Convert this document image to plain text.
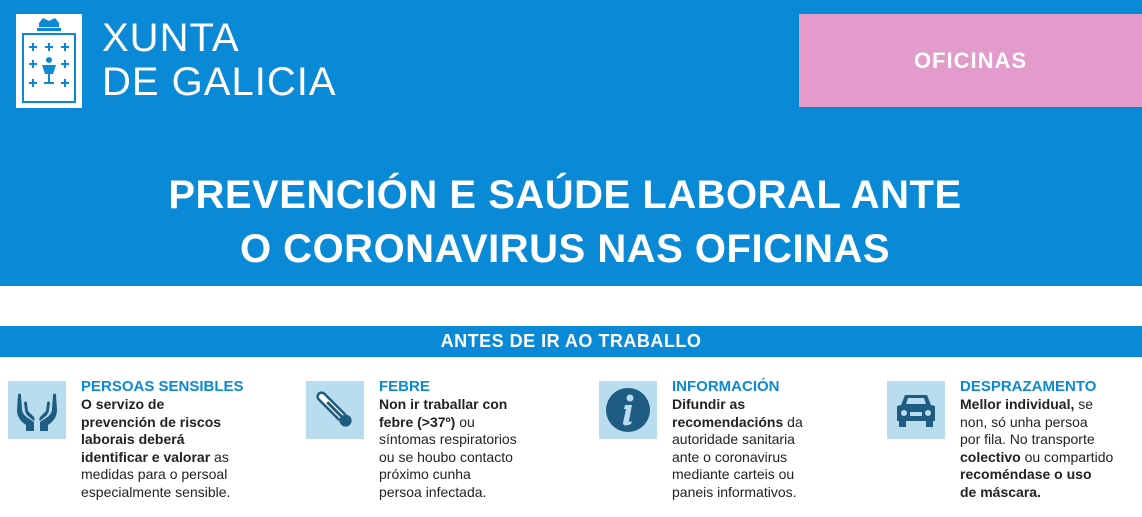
XUNTA
DE GALICIA	OFICINAS
PREVENCIÓN E SAÚDE LABORAL ANTE
O CORONAVIRUS NAS OFICINAS
ANTES DE IR AO TRABALLO
PERSOAS SENSIBLES
O servizo de
prevención de riscos
laborais deberá
identificar e valorar as
medidas para o persoal
especialmente sensible.
FEBRE
Non ir traballar con
febre (>37º) ou
síntomas respiratorios
ou se houbo contacto
próximo cunha
persoa infectada.
INFORMACIÓN
Difundir as
recomendacións da
autoridade sanitaria
ante o coronavirus
mediante carteis ou
paneis informativos.
DESPRAZAMENTO
Mellor individual, se
non, só unha persoa
por fila. No transporte
colectivo ou compartido
recoméndase o uso
de máscara.
